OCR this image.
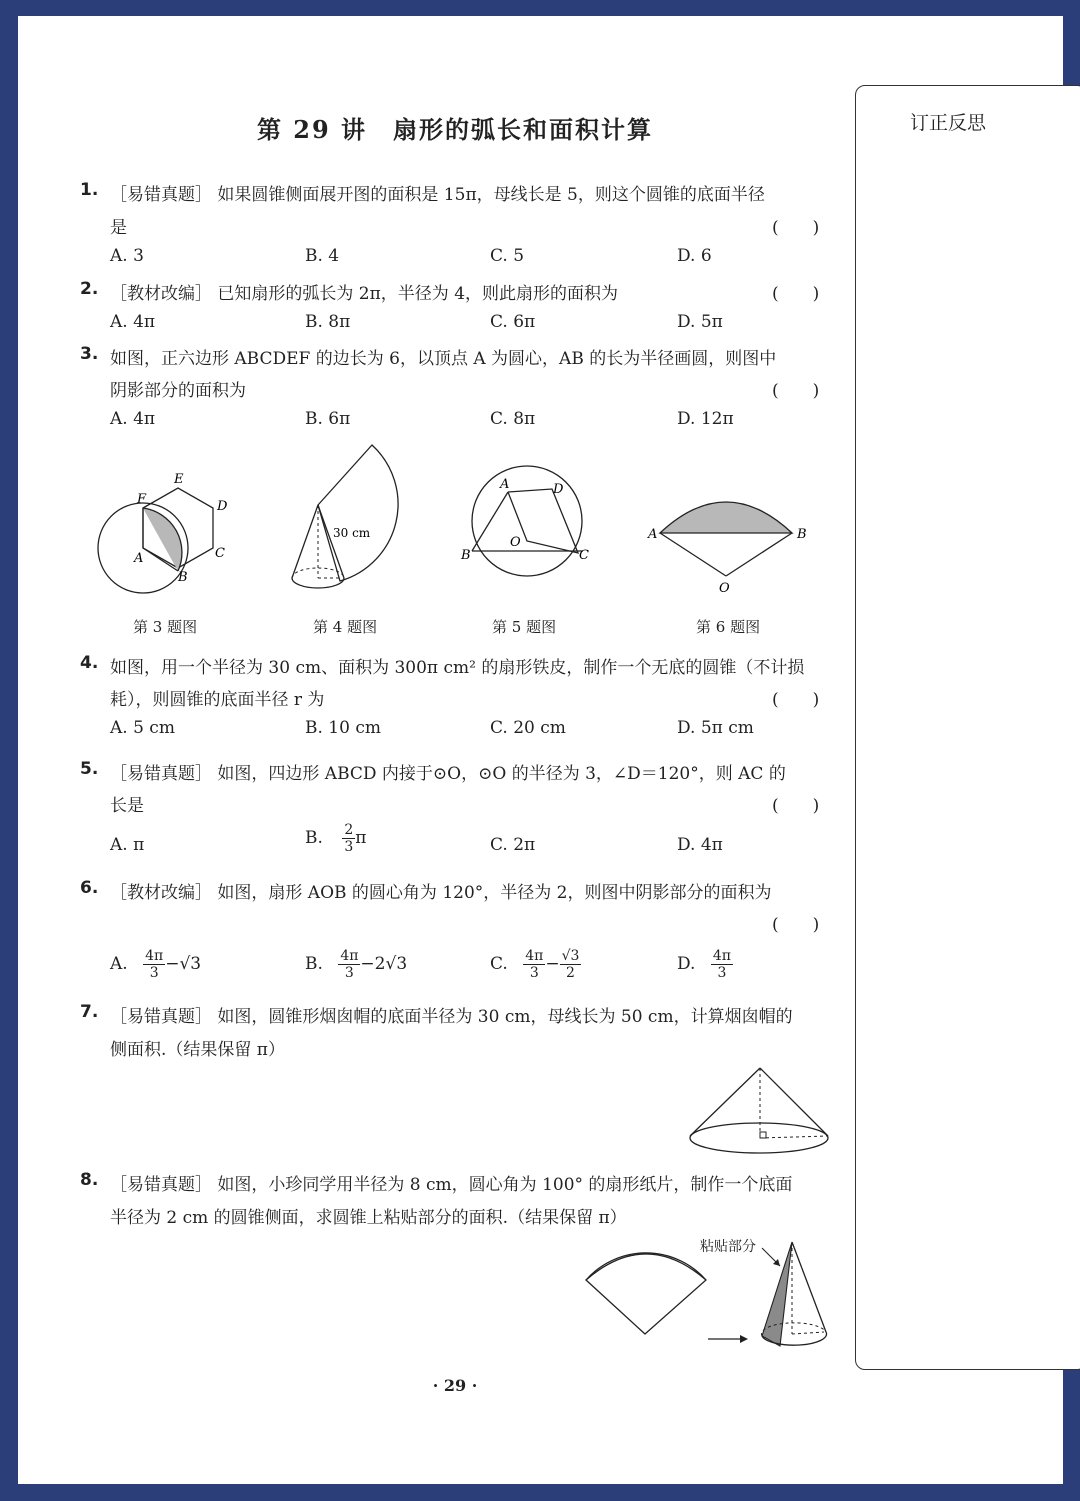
订正反思
第 29 讲　扇形的弧长和面积计算
1. ［易错真题］ 如果圆锥侧面展开图的面积是 15π，母线长是 5，则这个圆锥的底面半径
是	(　　)
A. 3	B. 4	C. 5	D. 6
2. ［教材改编］ 已知扇形的弧长为 2π，半径为 4，则此扇形的面积为	(　　)
A. 4π	B. 8π	C. 6π	D. 5π
3. 如图，正六边形 ABCDEF 的边长为 6，以顶点 A 为圆心，AB 的长为半径画圆，则图中
阴影部分的面积为	(　　)
A. 4π	B. 6π	C. 8π	D. 12π
F
E
D
C
B
A
30 cm
A	D
B
O
C
A	B
O
第 3 题图	第 4 题图	第 5 题图	第 6 题图
4. 如图，用一个半径为 30 cm、面积为 300π cm² 的扇形铁皮，制作一个无底的圆锥（不计损
耗），则圆锥的底面半径 r 为	(　　)
A. 5 cm	B. 10 cm	C. 20 cm	D. 5π cm
5. ［易错真题］ 如图，四边形 ABCD 内接于⊙O，⊙O 的半径为 3，∠D＝120°，则 AC 的
长是	(　　)
A. π	B. $\frac{2}{3}$ π	C. 2π	D. 4π
6. ［教材改编］ 如图，扇形 AOB 的圆心角为 120°，半径为 2，则图中阴影部分的面积为
(　　)
A. $\frac{4\pi}{3} -√3$	B. $\frac{4\pi}{3} -2√3$	C. $\frac{4\pi}{3} - \frac{√3}{2}$	D. $\frac{4\pi}{3}$
7. ［易错真题］ 如图，圆锥形烟囱帽的底面半径为 30 cm，母线长为 50 cm，计算烟囱帽的
侧面积.（结果保留 π）
8. ［易错真题］ 如图，小珍同学用半径为 8 cm，圆心角为 100° 的扇形纸片，制作一个底面
半径为 2 cm 的圆锥侧面，求圆锥上粘贴部分的面积.（结果保留 π）
粘贴部分
· 29 ·
